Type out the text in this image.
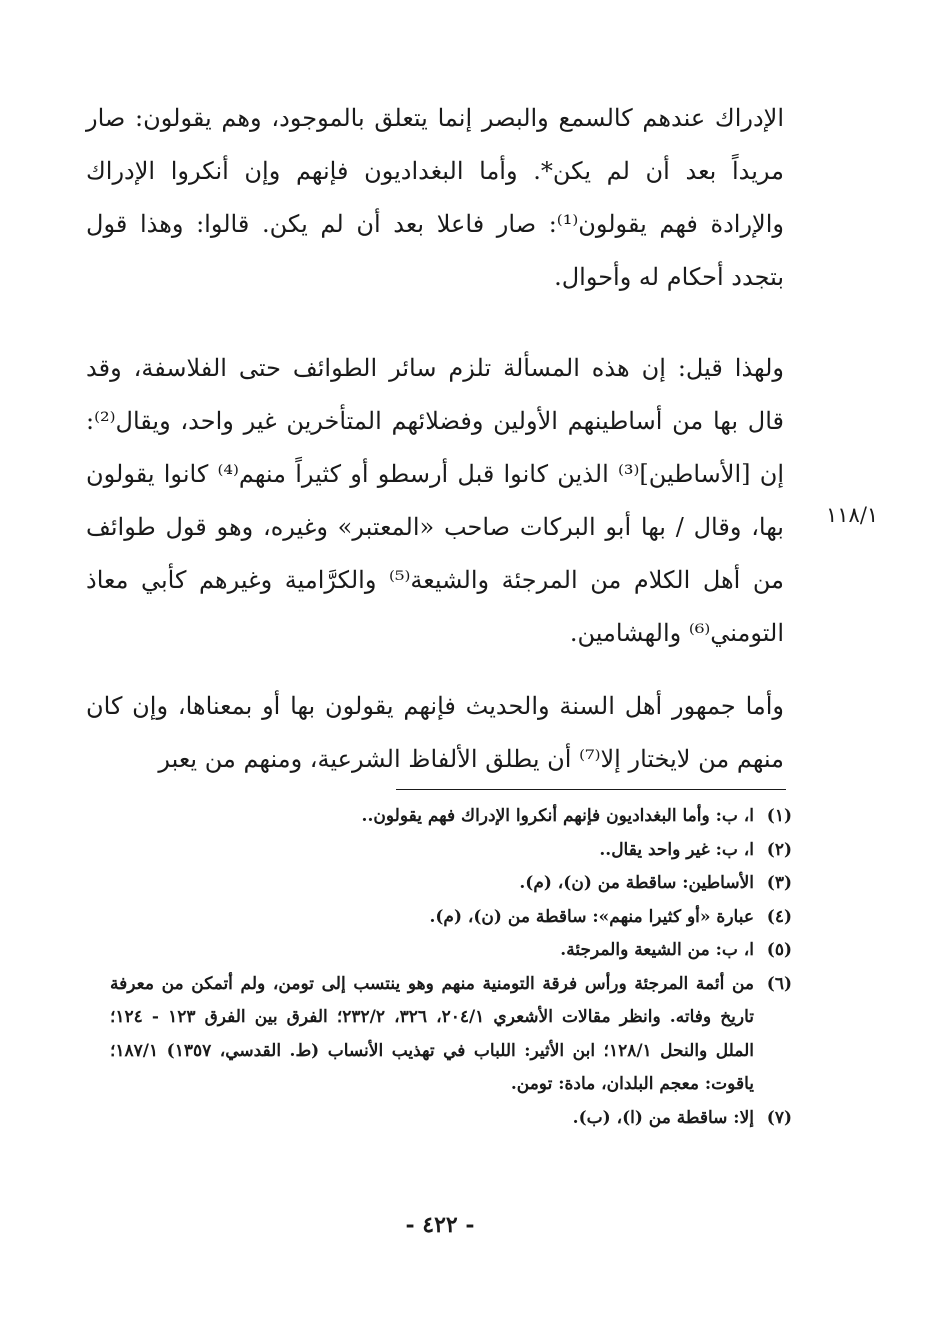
الإدراك عندهم كالسمع والبصر إنما يتعلق بالموجود، وهم يقولون: صار مريداً بعد أن لم يكن*. وأما البغداديون فإنهم وإن أنكروا الإدراك والإرادة فهم يقولون⁽¹⁾: صار فاعلا بعد أن لم يكن. قالوا: وهذا قول بتجدد أحكام له وأحوال.

ولهذا قيل: إن هذه المسألة تلزم سائر الطوائف حتى الفلاسفة، وقد قال بها من أساطينهم الأولين وفضلائهم المتأخرين غير واحد، ويقال⁽²⁾: إن [الأساطين]⁽³⁾ الذين كانوا قبل أرسطو أو كثيراً منهم⁽⁴⁾ كانوا يقولون بها، وقال / بها أبو البركات صاحب «المعتبر» وغيره، وهو قول طوائف من أهل الكلام من المرجئة والشيعة⁽⁵⁾ والكرَّامية وغيرهم كأبي معاذ التومني⁽⁶⁾ والهشامين.

١١٨/١

وأما جمهور أهل السنة والحديث فإنهم يقولون بها أو بمعناها، وإن كان منهم من لايختار إلا⁽⁷⁾ أن يطلق الألفاظ الشرعية، ومنهم من يعبر

(١)
ا، ب: وأما البغداديون فإنهم أنكروا الإدراك فهم يقولون..
(٢)
ا، ب: غير واحد يقال..
(٣)
الأساطين: ساقطة من (ن)، (م).
(٤)
عبارة «أو كثيرا منهم»: ساقطة من (ن)، (م).
(٥)
ا، ب: من الشيعة والمرجئة.
(٦)
من أئمة المرجئة ورأس فرقة التومنية منهم وهو ينتسب إلى تومن، ولم أتمكن من معرفة تاريخ وفاته. وانظر مقالات الأشعري ٢٠٤/١، ٣٢٦، ٢٣٢/٢؛ الفرق بين الفرق ١٢٣ - ١٢٤؛ الملل والنحل ١٢٨/١؛ ابن الأثير: اللباب في تهذيب الأنساب (ط. القدسي، ١٣٥٧) ١٨٧/١؛ ياقوت: معجم البلدان، مادة: تومن.
(٧)
إلا: ساقطة من (ا)، (ب).
- ٤٢٢ -
